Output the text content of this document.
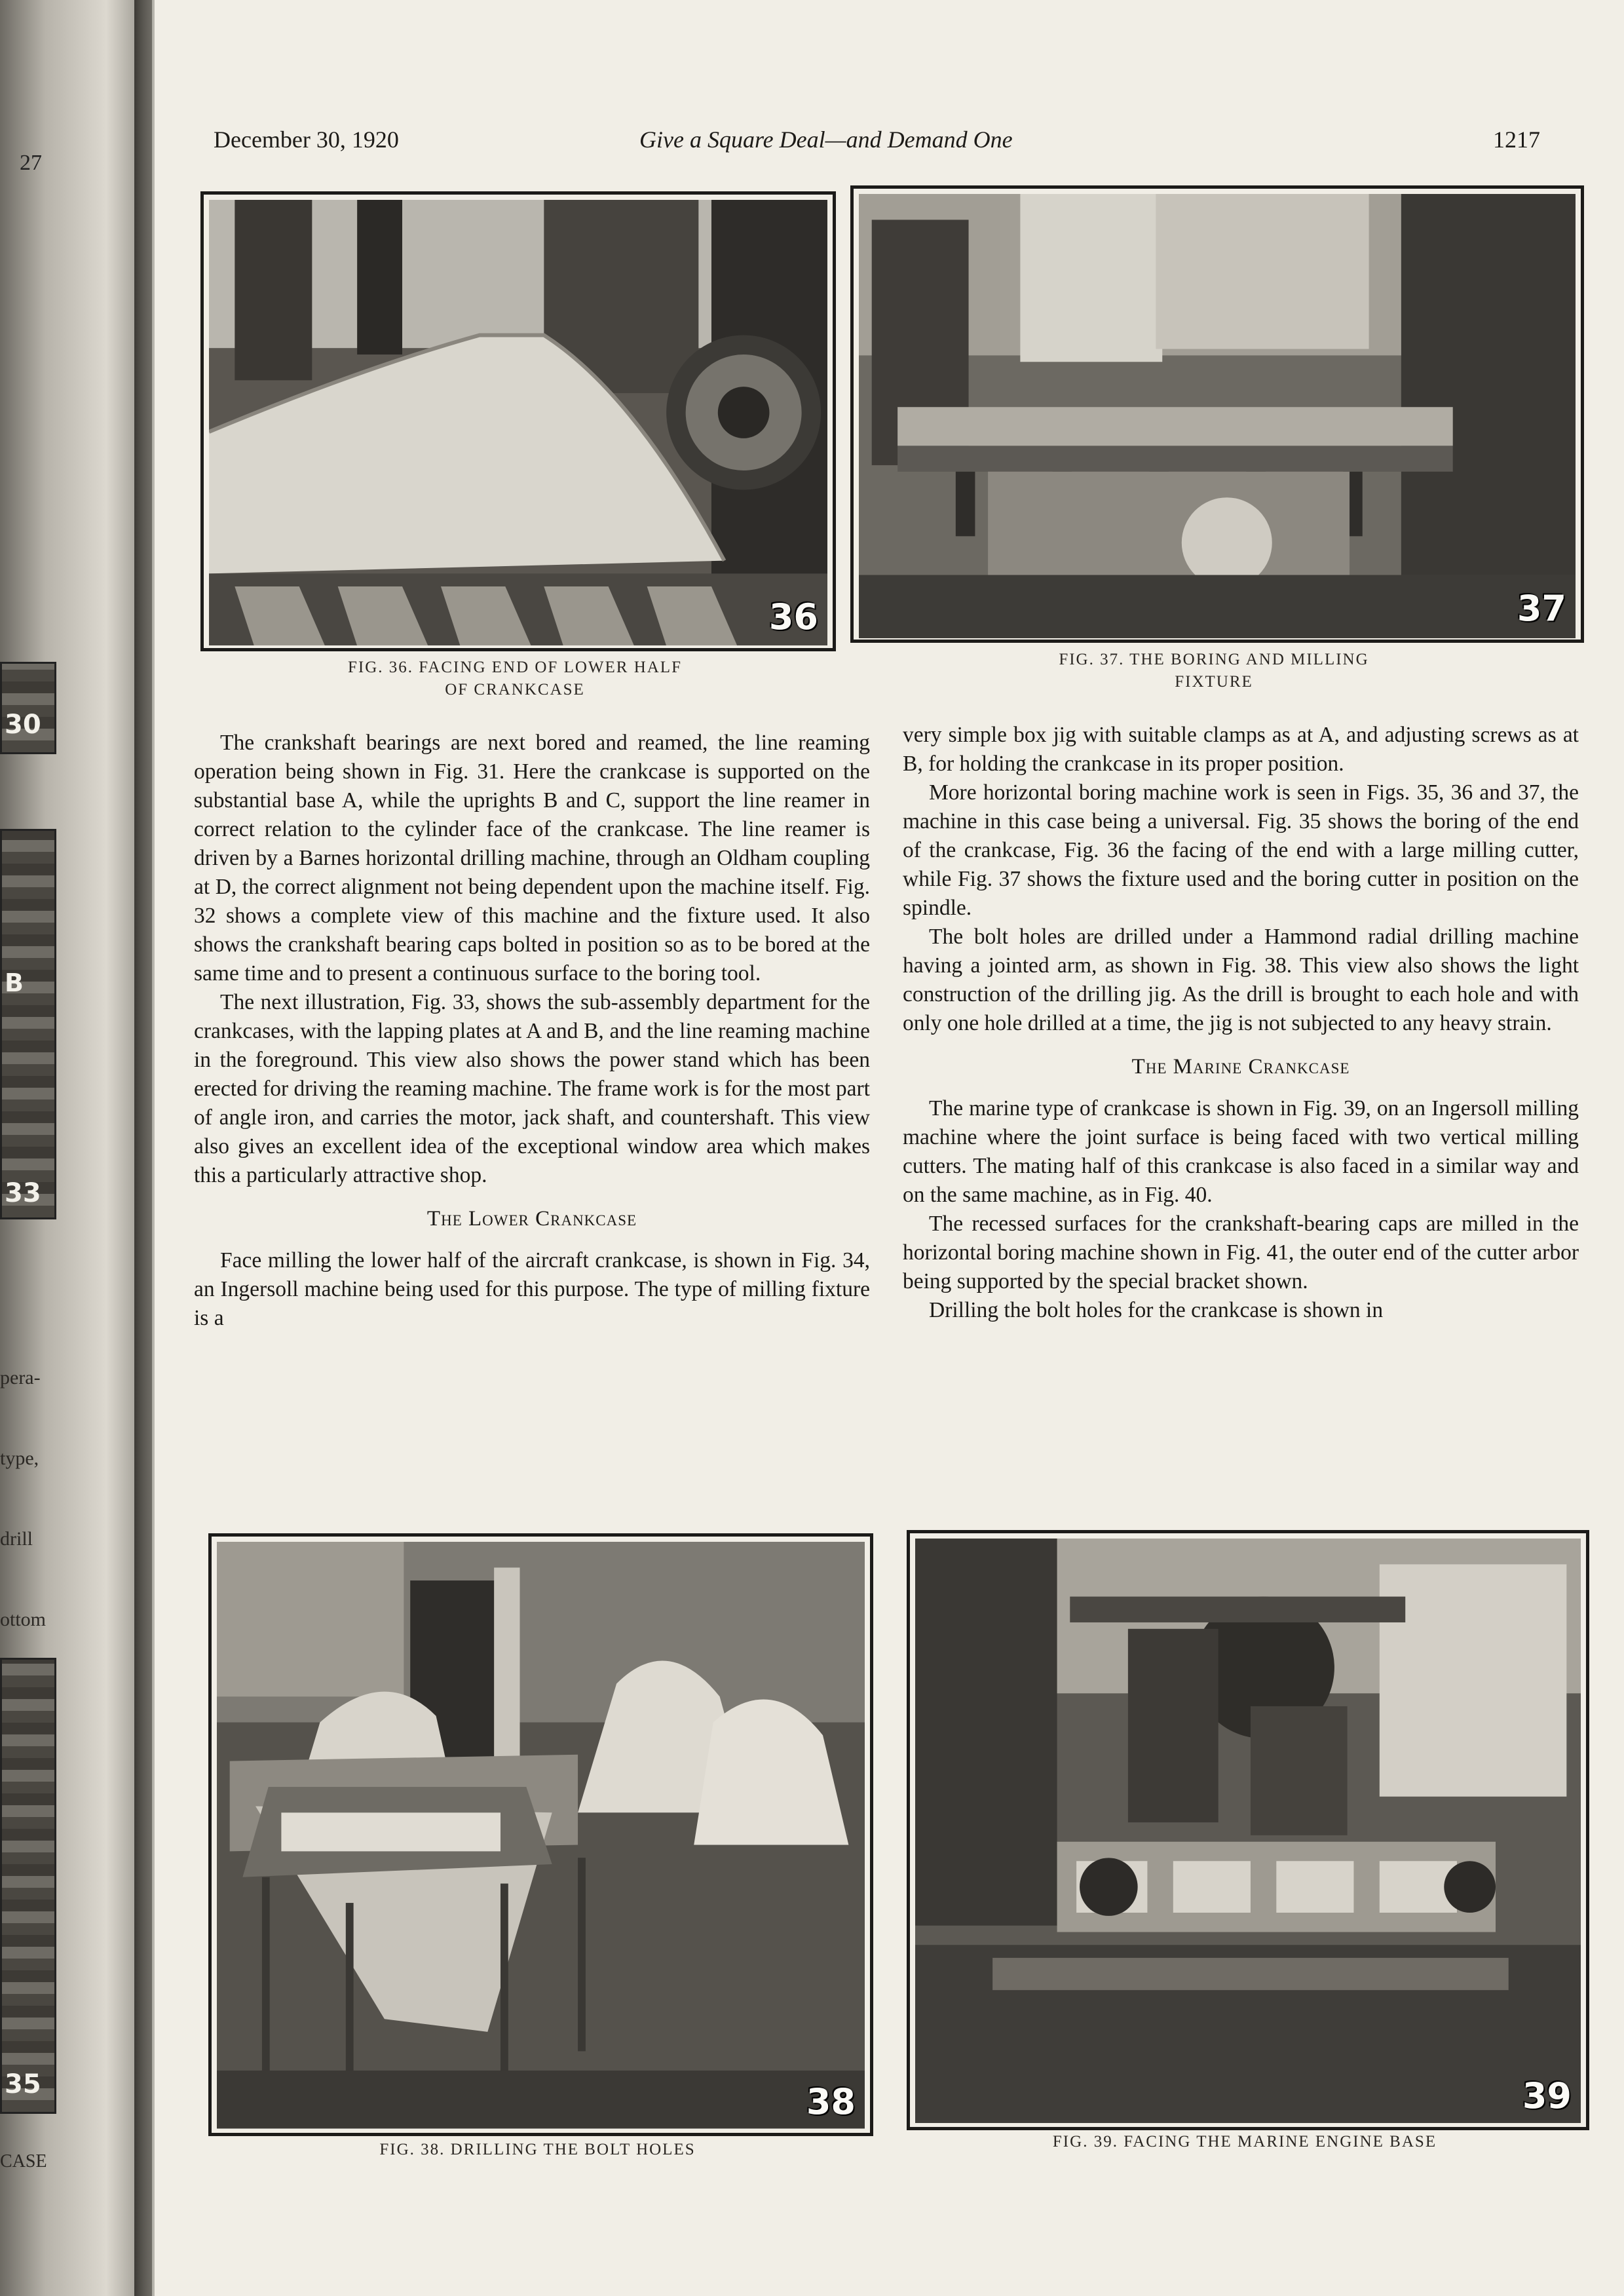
27
30
B
33

pera-

type,

drill

ottom

35
CASE
December 30, 1920	Give a Square Deal—and Demand One	1217
36
FIG. 36. FACING END OF LOWER HALF
OF CRANKCASE
37
FIG. 37. THE BORING AND MILLING
FIXTURE

The crankshaft bearings are next bored and reamed, the line reaming operation being shown in Fig. 31. Here the crankcase is supported on the substantial base A, while the uprights B and C, support the line reamer in correct relation to the cylinder face of the crankcase. The line reamer is driven by a Barnes horizontal drilling machine, through an Oldham coupling at D, the correct alignment not being dependent upon the machine itself. Fig. 32 shows a complete view of this machine and the fixture used. It also shows the crankshaft bearing caps bolted in position so as to be bored at the same time and to present a continuous surface to the boring tool.

The next illustration, Fig. 33, shows the sub-assembly department for the crankcases, with the lapping plates at A and B, and the line reaming machine in the foreground. This view also shows the power stand which has been erected for driving the reaming machine. The frame work is for the most part of angle iron, and carries the motor, jack shaft, and countershaft. This view also gives an excellent idea of the exceptional window area which makes this a particularly attractive shop.

The Lower Crankcase

Face milling the lower half of the aircraft crankcase, is shown in Fig. 34, an Ingersoll machine being used for this purpose. The type of milling fixture is a

very simple box jig with suitable clamps as at A, and adjusting screws as at B, for holding the crankcase in its proper position.

More horizontal boring machine work is seen in Figs. 35, 36 and 37, the machine in this case being a universal. Fig. 35 shows the boring of the end of the crankcase, Fig. 36 the facing of the end with a large milling cutter, while Fig. 37 shows the fixture used and the boring cutter in position on the spindle.

The bolt holes are drilled under a Hammond radial drilling machine having a jointed arm, as shown in Fig. 38. This view also shows the light construction of the drilling jig. As the drill is brought to each hole and with only one hole drilled at a time, the jig is not subjected to any heavy strain.

The Marine Crankcase

The marine type of crankcase is shown in Fig. 39, on an Ingersoll milling machine where the joint surface is being faced with two vertical milling cutters. The mating half of this crankcase is also faced in a similar way and on the same machine, as in Fig. 40.

The recessed surfaces for the crankshaft-bearing caps are milled in the horizontal boring machine shown in Fig. 41, the outer end of the cutter arbor being supported by the special bracket shown.

Drilling the bolt holes for the crankcase is shown in

38
FIG. 38. DRILLING THE BOLT HOLES
39
FIG. 39. FACING THE MARINE ENGINE BASE
